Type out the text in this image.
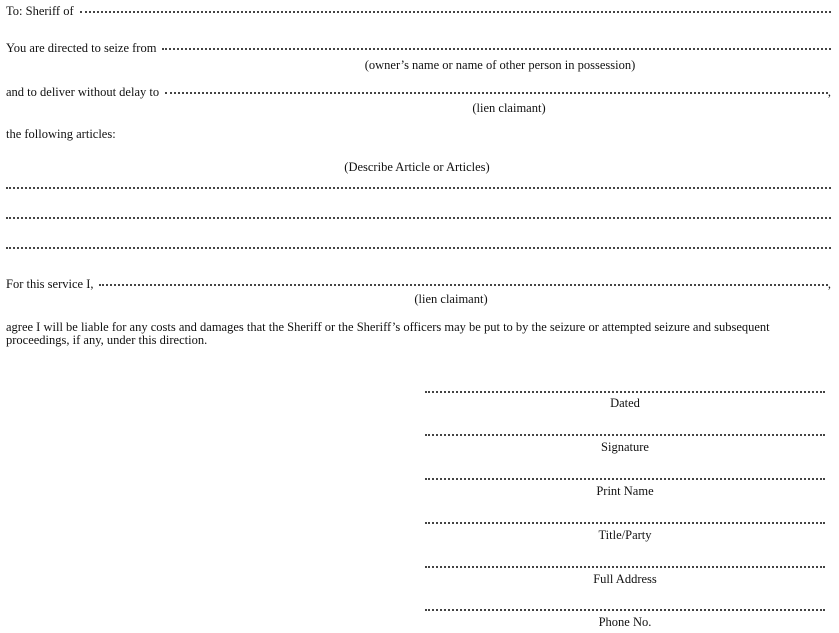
To: Sheriff of
You are directed to seize from
(owner’s name or name of other person in possession)
and to deliver without delay to	,
(lien claimant)
the following articles:
(Describe Article or Articles)
For this service I,	,
(lien claimant)
agree I will be liable for any costs and damages that the Sheriff or the Sheriff’s officers may be put to by the seizure or attempted seizure and subsequent proceedings, if any, under this direction.
Dated
Signature
Print Name
Title/Party
Full Address
Phone No.
